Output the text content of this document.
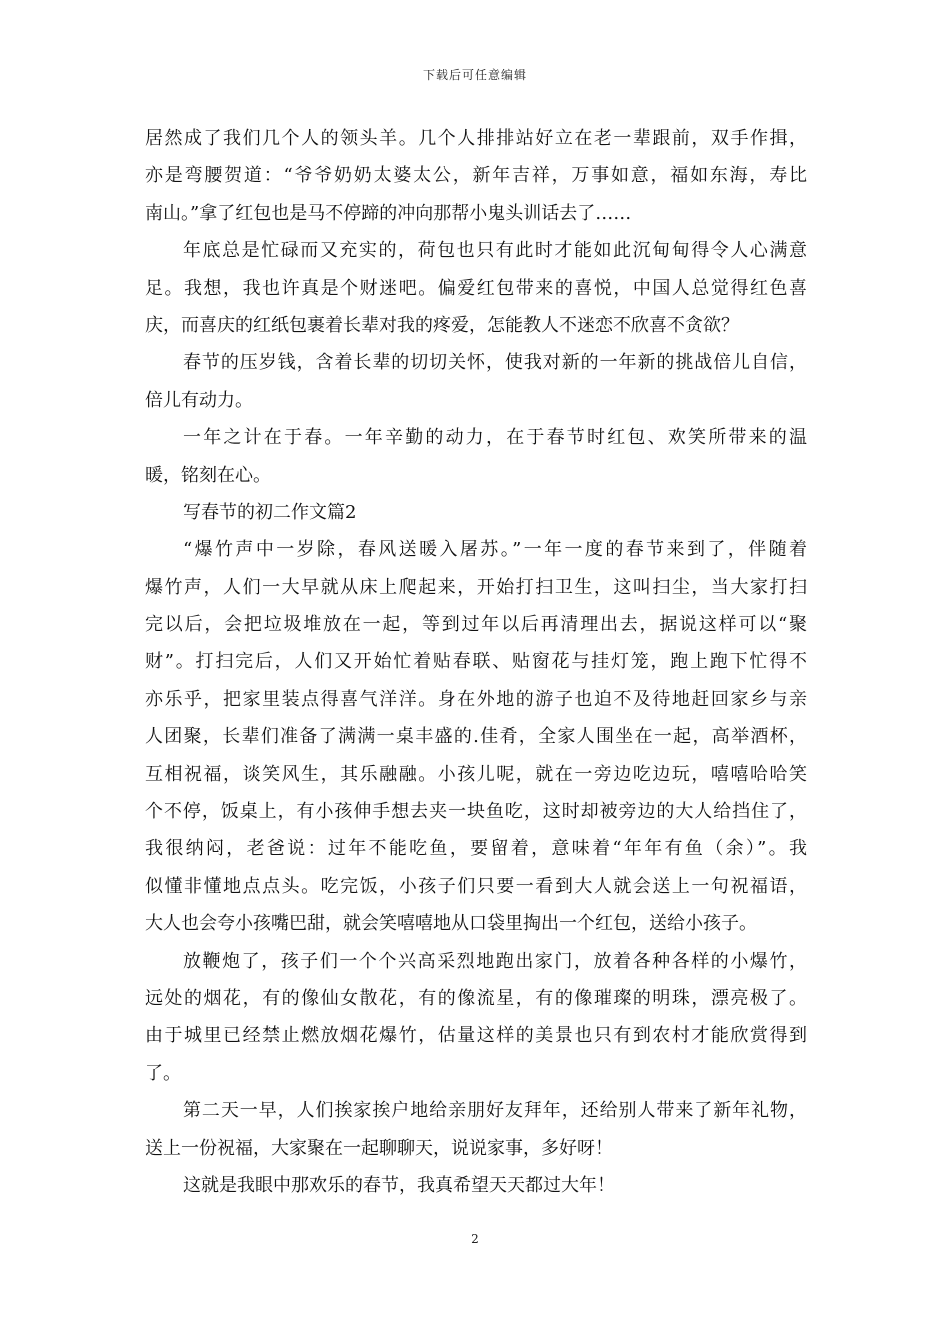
下载后可任意编辑
居然成了我们几个人的领头羊。几个人排排站好立在老一辈跟前，双手作揖，
亦是弯腰贺道：“爷爷奶奶太婆太公，新年吉祥，万事如意，福如东海，寿比
南山。”拿了红包也是马不停蹄的冲向那帮小鬼头训话去了……
年底总是忙碌而又充实的，荷包也只有此时才能如此沉甸甸得令人心满意
足。我想，我也许真是个财迷吧。偏爱红包带来的喜悦，中国人总觉得红色喜
庆，而喜庆的红纸包裹着长辈对我的疼爱，怎能教人不迷恋不欣喜不贪欲？
春节的压岁钱，含着长辈的切切关怀，使我对新的一年新的挑战倍儿自信，
倍儿有动力。
一年之计在于春。一年辛勤的动力，在于春节时红包、欢笑所带来的温
暖，铭刻在心。
写春节的初二作文篇2
“爆竹声中一岁除，春风送暖入屠苏。”一年一度的春节来到了，伴随着
爆竹声，人们一大早就从床上爬起来，开始打扫卫生，这叫扫尘，当大家打扫
完以后，会把垃圾堆放在一起，等到过年以后再清理出去，据说这样可以“聚
财”。打扫完后，人们又开始忙着贴春联、贴窗花与挂灯笼，跑上跑下忙得不
亦乐乎，把家里装点得喜气洋洋。身在外地的游子也迫不及待地赶回家乡与亲
人团聚，长辈们准备了满满一桌丰盛的.佳肴，全家人围坐在一起，高举酒杯，
互相祝福，谈笑风生，其乐融融。小孩儿呢，就在一旁边吃边玩，嘻嘻哈哈笑
个不停，饭桌上，有小孩伸手想去夹一块鱼吃，这时却被旁边的大人给挡住了，
我很纳闷，老爸说：过年不能吃鱼，要留着，意味着“年年有鱼（余）”。我
似懂非懂地点点头。吃完饭，小孩子们只要一看到大人就会送上一句祝福语，
大人也会夸小孩嘴巴甜，就会笑嘻嘻地从口袋里掏出一个红包，送给小孩子。
放鞭炮了，孩子们一个个兴高采烈地跑出家门，放着各种各样的小爆竹，
远处的烟花，有的像仙女散花，有的像流星，有的像璀璨的明珠，漂亮极了。
由于城里已经禁止燃放烟花爆竹，估量这样的美景也只有到农村才能欣赏得到
了。
第二天一早，人们挨家挨户地给亲朋好友拜年，还给别人带来了新年礼物，
送上一份祝福，大家聚在一起聊聊天，说说家事，多好呀！
这就是我眼中那欢乐的春节，我真希望天天都过大年！
2
